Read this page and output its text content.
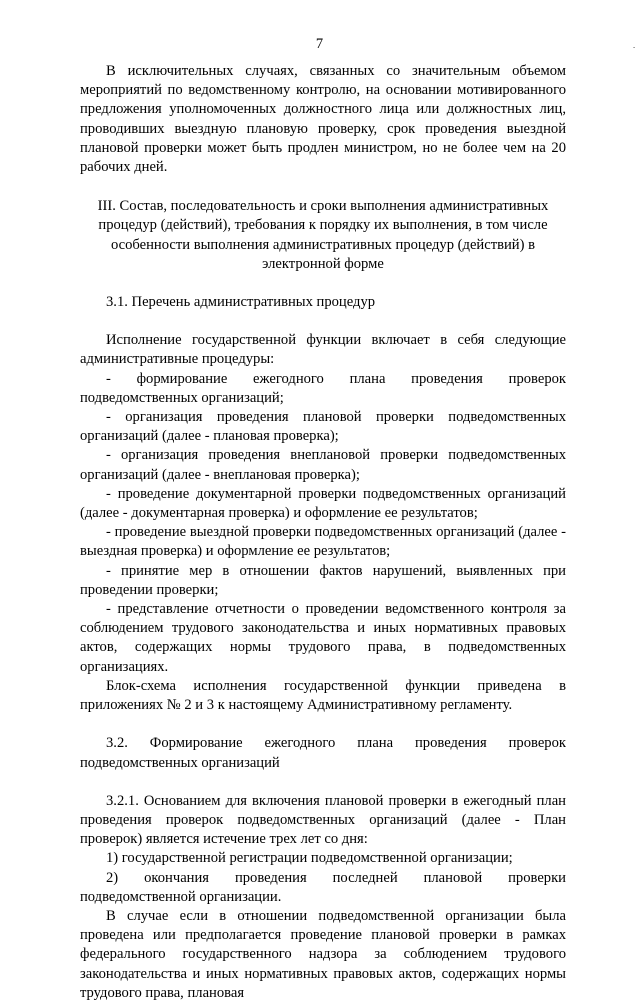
7	·

В исключительных случаях, связанных со значительным объемом мероприятий по ведомственному контролю, на основании мотивированного предложения уполномоченных должностного лица или должностных лиц, проводивших выездную плановую проверку, срок проведения выездной плановой проверки может быть продлен министром, но не более чем на 20 рабочих дней.

III. Состав, последовательность и сроки выполнения административных процедур (действий), требования к порядку их выполнения, в том числе особенности выполнения административных процедур (действий) в электронной форме

3.1. Перечень административных процедур

Исполнение государственной функции включает в себя следующие административные процедуры:

- формирование ежегодного плана проведения проверок подведомственных организаций;

- организация проведения плановой проверки подведомственных организаций (далее - плановая проверка);

- организация проведения внеплановой проверки подведомственных организаций (далее - внеплановая проверка);

- проведение документарной проверки подведомственных организаций (далее - документарная проверка) и оформление ее результатов;

- проведение выездной проверки подведомственных организаций (далее - выездная проверка) и оформление ее результатов;

- принятие мер в отношении фактов нарушений, выявленных при проведении проверки;

- представление отчетности о проведении ведомственного контроля за соблюдением трудового законодательства и иных нормативных правовых актов, содержащих нормы трудового права, в подведомственных организациях.

Блок-схема исполнения государственной функции приведена в приложениях № 2 и 3 к настоящему Административному регламенту.

3.2. Формирование ежегодного плана проведения проверок подведомственных организаций

3.2.1. Основанием для включения плановой проверки в ежегодный план проведения проверок подведомственных организаций (далее - План проверок) является истечение трех лет со дня:

1) государственной регистрации подведомственной организации;

2) окончания проведения последней плановой проверки подведомственной организации.

В случае если в отношении подведомственной организации была проведена или предполагается проведение плановой проверки в рамках федерального государственного надзора за соблюдением трудового законодательства и иных нормативных правовых актов, содержащих нормы трудового права, плановая
